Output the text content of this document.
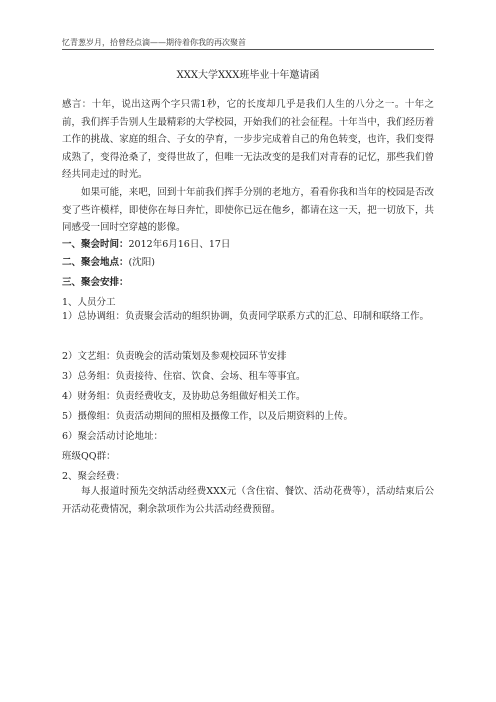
忆青葱岁月，拾曾经点滴——期待着你我的再次聚首
XXX大学XXX班毕业十年邀请函

感言：十年，说出这两个字只需1秒，它的长度却几乎是我们人生的八分之一。十年之前，我们挥手告别人生最精彩的大学校园，开始我们的社会征程。十年当中，我们经历着工作的挑战、家庭的组合、子女的孕育，一步步完成着自己的角色转变，也许，我们变得成熟了，变得沧桑了，变得世故了，但唯一无法改变的是我们对青春的记忆，那些我们曾经共同走过的时光。

如果可能，来吧，回到十年前我们挥手分别的老地方，看看你我和当年的校园是否改变了些许模样，即使你在每日奔忙，即使你已远在他乡，都请在这一天，把一切放下，共同感受一回时空穿越的影像。

一、聚会时间：2012年6月16日、17日
二、聚会地点：(沈阳)
三、聚会安排：
1、人员分工

1）总协调组：负责聚会活动的组织协调，负责同学联系方式的汇总、印制和联络工作。

2）文艺组：负责晚会的活动策划及参观校园环节安排
3）总务组：负责接待、住宿、饮食、会场、租车等事宜。
4）财务组：负责经费收支，及协助总务组做好相关工作。
5）摄像组：负责活动期间的照相及摄像工作，以及后期资料的上传。
6）聚会活动讨论地址：
班级QQ群：
2、聚会经费：

每人报道时预先交纳活动经费XXX元（含住宿、餐饮、活动花费等），活动结束后公开活动花费情况，剩余款项作为公共活动经费预留。
